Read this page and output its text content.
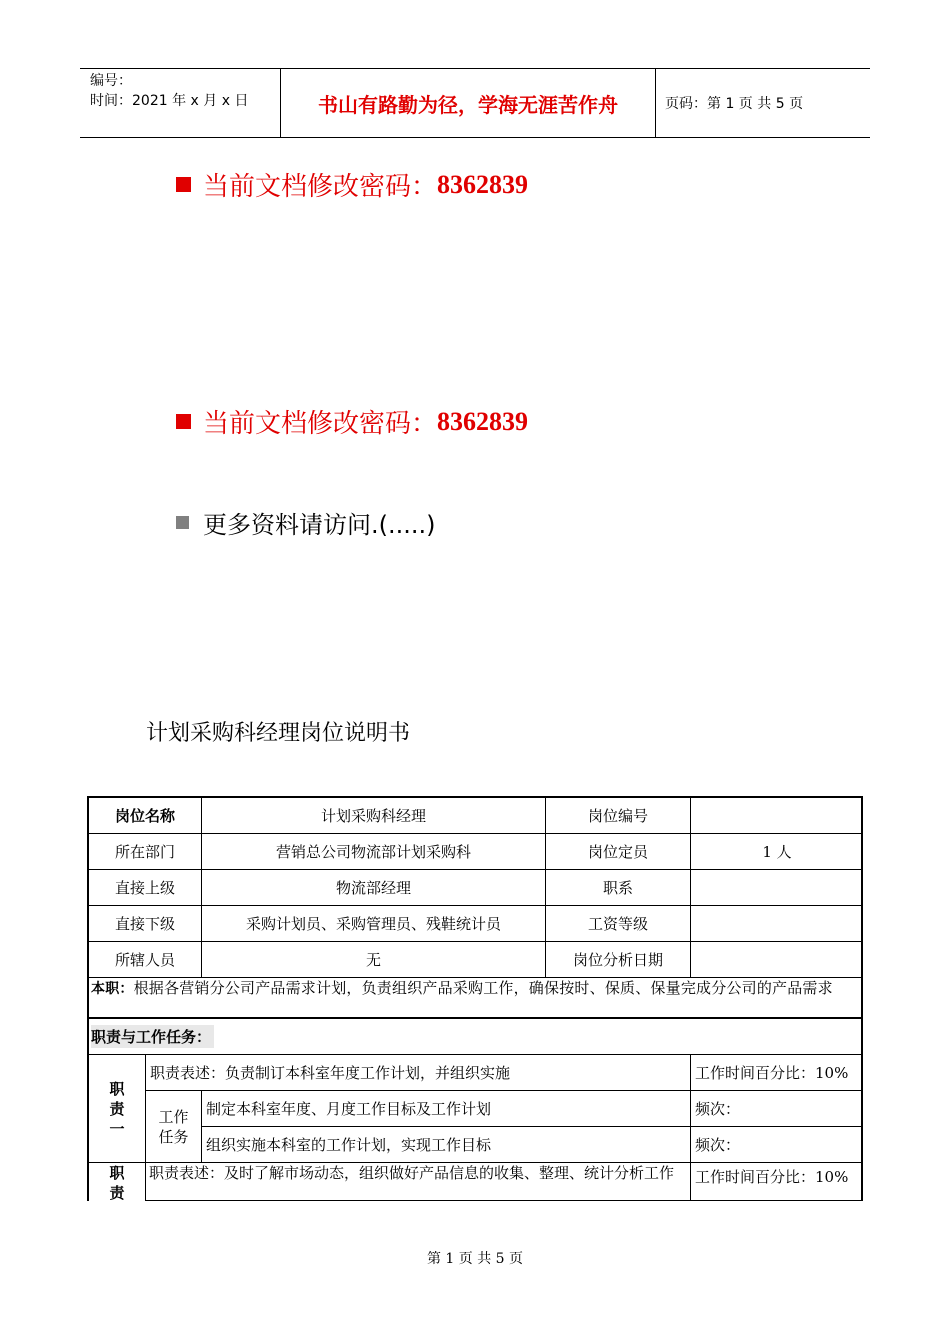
编号：
时间：2021 年 x 月 x 日	书山有路勤为径，学海无涯苦作舟	页码：第 1 页 共 5 页
当前文档修改密码： 8362839
当前文档修改密码： 8362839
更多资料请访问.(.....)
计划采购科经理岗位说明书
岗位名称	计划采购科经理	岗位编号
所在部门	营销总公司物流部计划采购科	岗位定员	1 人
直接上级	物流部经理	职系
直接下级	采购计划员、采购管理员、残鞋统计员	工资等级
所辖人员	无	岗位分析日期
本职：根据各营销分公司产品需求计划，负责组织产品采购工作，确保按时、保质、保量完成分公司的产品需求
职责与工作任务：
职责一
职责表述：负责制订本科室年度工作计划，并组织实施	工作时间百分比：10%
工作任务
制定本科室年度、月度工作目标及工作计划	频次：
组织实施本科室的工作计划，实现工作目标	频次：
职责
职责表述：及时了解市场动态，组织做好产品信息的收集、整理、统计分析工作	工作时间百分比：10%
第 1 页 共 5 页
